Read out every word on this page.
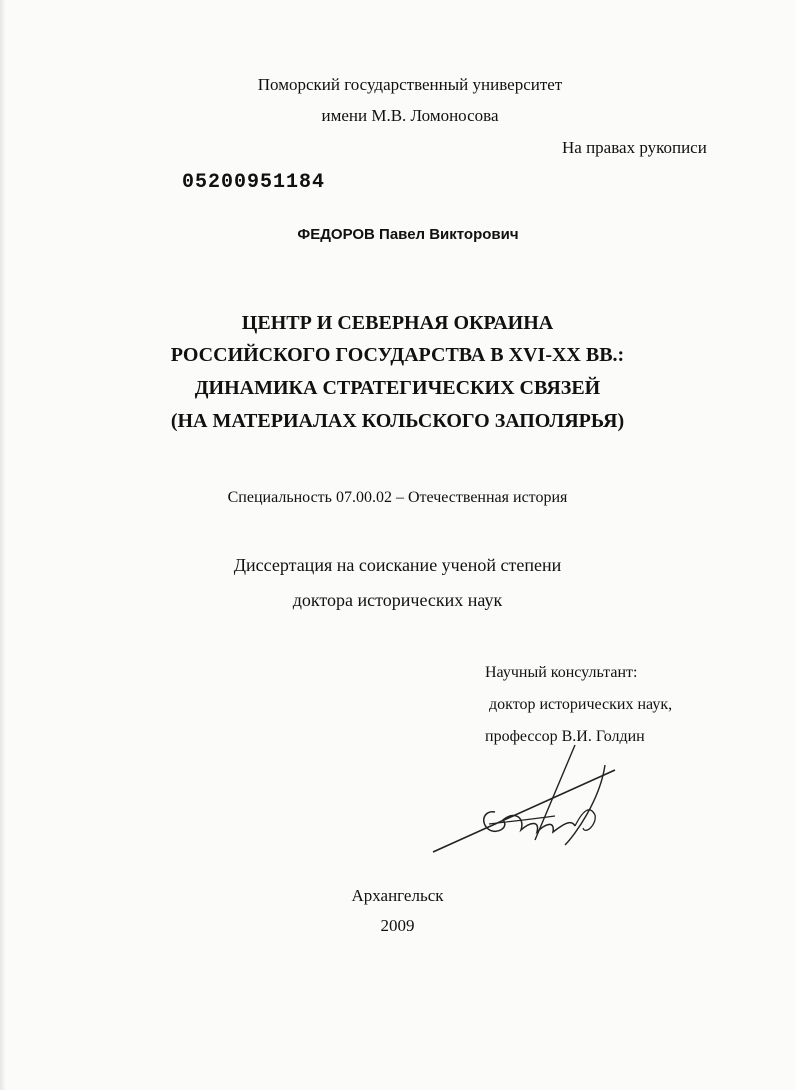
Поморский государственный университет
имени М.В. Ломоносова
На правах рукописи
05200951184
ФЕДОРОВ Павел Викторович
ЦЕНТР И СЕВЕРНАЯ ОКРАИНА
РОССИЙСКОГО ГОСУДАРСТВА В XVI-XX ВВ.:
ДИНАМИКА СТРАТЕГИЧЕСКИХ СВЯЗЕЙ
(НА МАТЕРИАЛАХ КОЛЬСКОГО ЗАПОЛЯРЬЯ)
Специальность 07.00.02 – Отечественная история
Диссертация на соискание ученой степени
доктора исторических наук
Научный консультант:
доктор исторических наук,
профессор В.И. Голдин
Архангельск
2009
